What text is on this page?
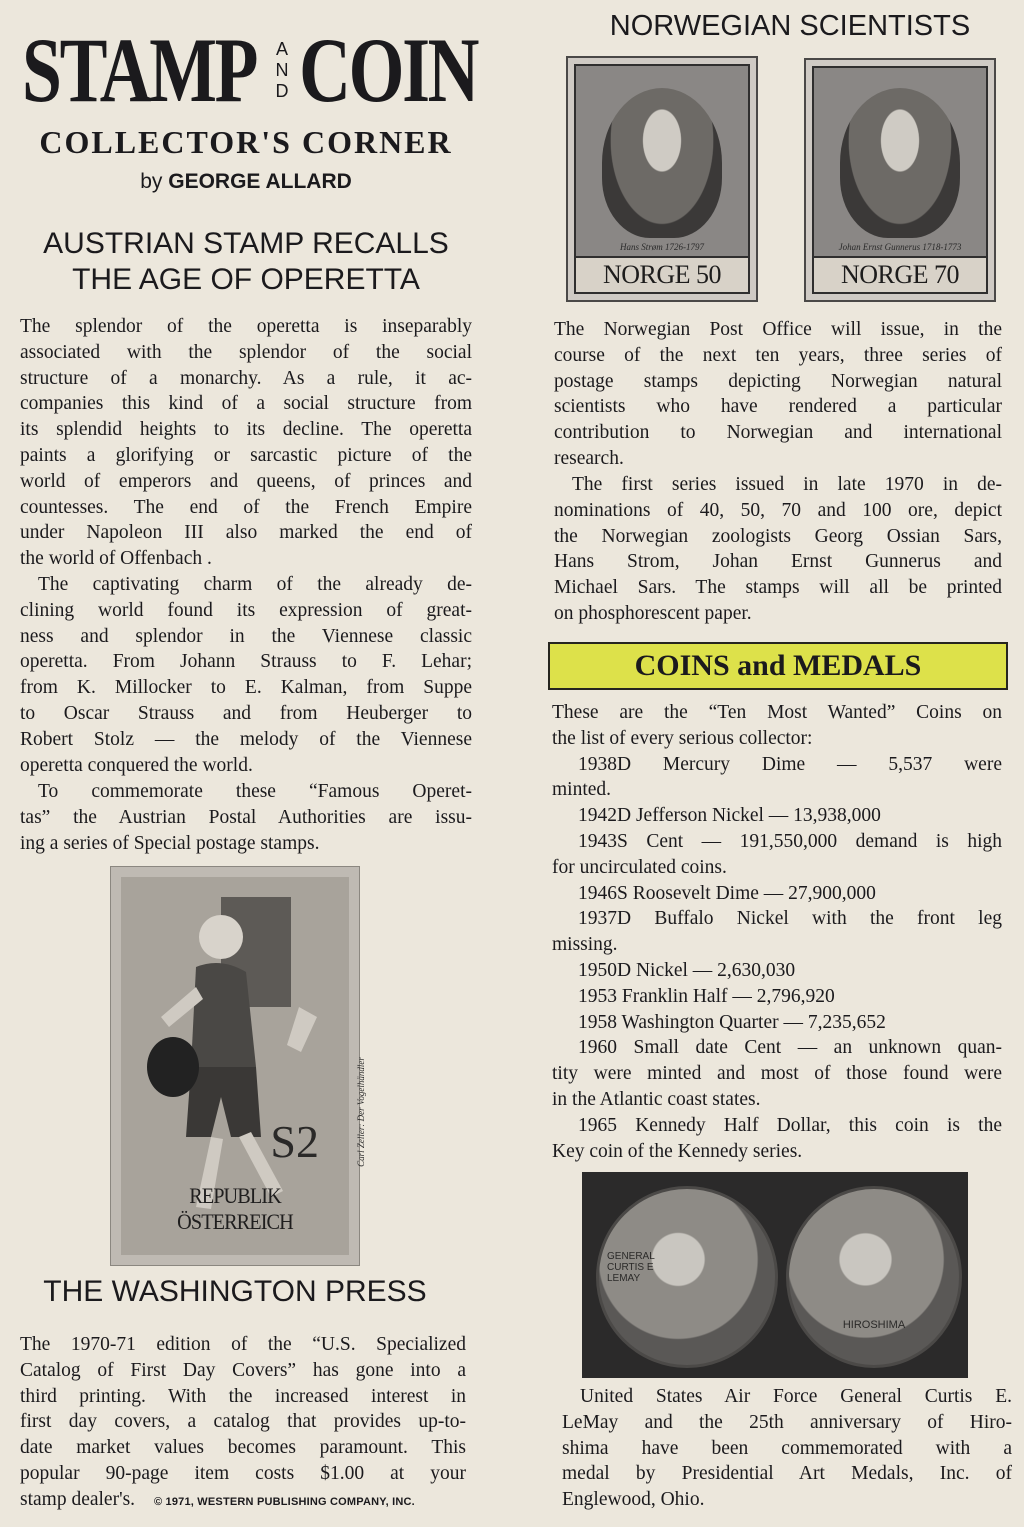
STAMP A
N
D COIN
COLLECTOR'S CORNER
by GEORGE ALLARD
AUSTRIAN STAMP RECALLS
THE AGE OF OPERETTA
The splendor of the operetta is inseparably
associated with the splendor of the social
structure of a monarchy. As a rule, it ac-
companies this kind of a social structure from
its splendid heights to its decline. The operetta
paints a glorifying or sarcastic picture of the
world of emperors and queens, of princes and
countesses. The end of the French Empire
under Napoleon III also marked the end of
the world of Offenbach .
The captivating charm of the already de-
clining world found its expression of great-
ness and splendor in the Viennese classic
operetta. From Johann Strauss to F. Lehar;
from K. Millocker to E. Kalman, from Suppe
to Oscar Strauss and from Heuberger to
Robert Stolz — the melody of the Viennese
operetta conquered the world.
To commemorate these “Famous Operet-
tas” the Austrian Postal Authorities are issu-
ing a series of Special postage stamps.
Carl Zeller: Der Vogelhändler
S2
REPUBLIK ÖSTERREICH
THE WASHINGTON PRESS
The 1970-71 edition of the “U.S. Specialized
Catalog of First Day Covers” has gone into a
third printing. With the increased interest in
first day covers, a catalog that provides up-to-
date market values becomes paramount. This
popular 90-page item costs $1.00 at your
stamp dealer's. © 1971, WESTERN PUBLISHING COMPANY, INC.
NORWEGIAN SCIENTISTS
Hans Strøm 1726-1797
NORGE 50
Johan Ernst Gunnerus 1718-1773
NORGE 70
The Norwegian Post Office will issue, in the
course of the next ten years, three series of
postage stamps depicting Norwegian natural
scientists who have rendered a particular
contribution to Norwegian and international
research.
The first series issued in late 1970 in de-
nominations of 40, 50, 70 and 100 ore, depict
the Norwegian zoologists Georg Ossian Sars,
Hans Strom, Johan Ernst Gunnerus and
Michael Sars. The stamps will all be printed
on phosphorescent paper.
COINS and MEDALS
These are the “Ten Most Wanted” Coins on
the list of every serious collector:
1938D Mercury Dime — 5,537 were
minted.
1942D Jefferson Nickel — 13,938,000
1943S Cent — 191,550,000 demand is high
for uncirculated coins.
1946S Roosevelt Dime — 27,900,000
1937D Buffalo Nickel with the front leg
missing.
1950D Nickel — 2,630,030
1953 Franklin Half — 2,796,920
1958 Washington Quarter — 7,235,652
1960 Small date Cent — an unknown quan-
tity were minted and most of those found were
in the Atlantic coast states.
1965 Kennedy Half Dollar, this coin is the
Key coin of the Kennedy series.
GENERAL CURTIS E LEMAY
HIROSHIMA
United States Air Force General Curtis E.
LeMay and the 25th anniversary of Hiro-
shima have been commemorated with a
medal by Presidential Art Medals, Inc. of
Englewood, Ohio.
